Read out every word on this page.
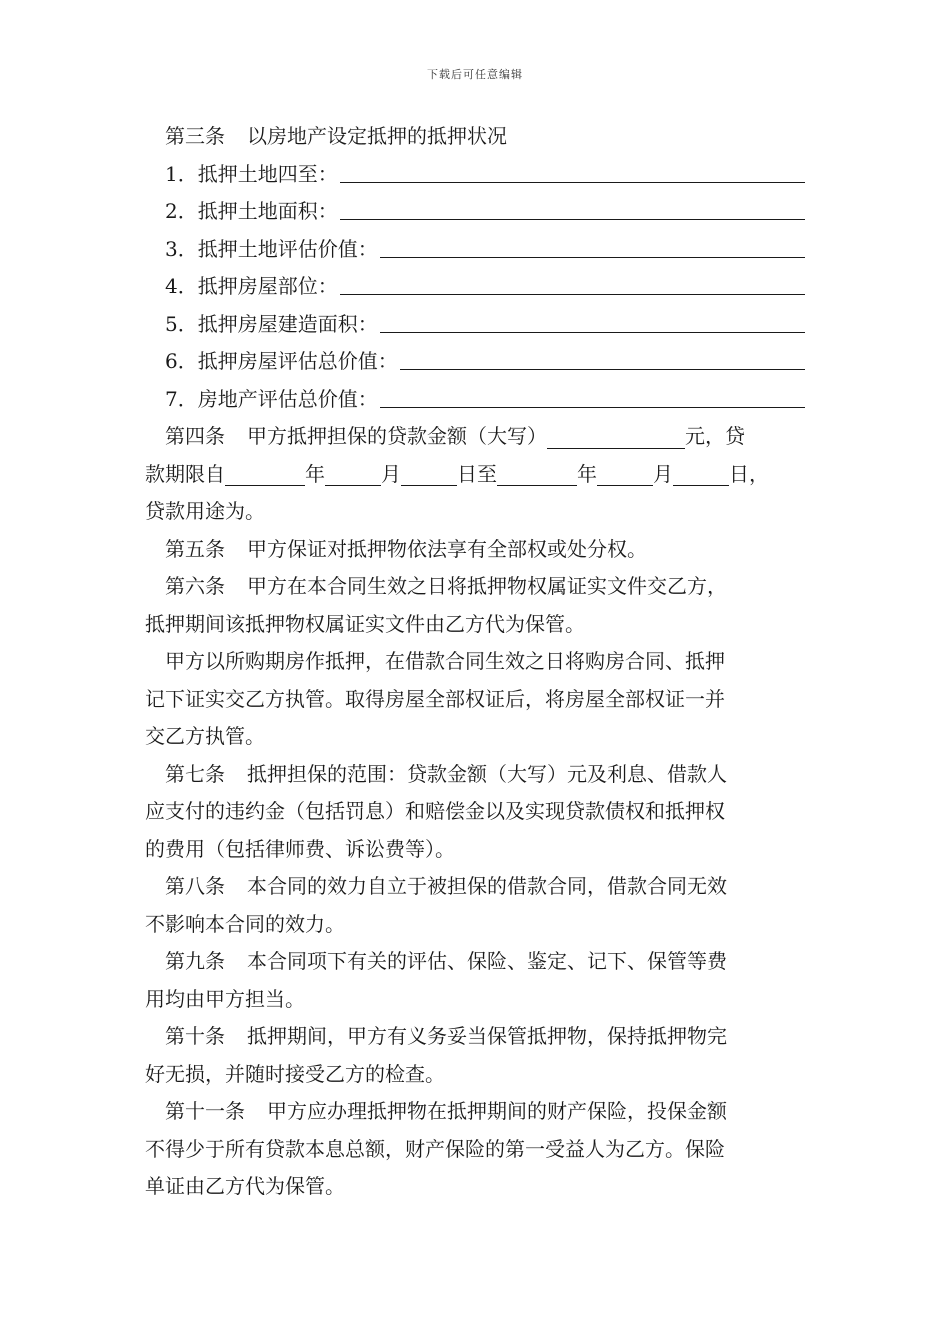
下载后可任意编辑
第三条 以房地产设定抵押的抵押状况
1．抵押土地四至：
2．抵押土地面积：
3．抵押土地评估价值：
4．抵押房屋部位：
5．抵押房屋建造面积：
6．抵押房屋评估总价值：
7．房地产评估总价值：
第四条 甲方抵押担保的贷款金额（大写）	元，贷
款期限自	年	月	日至	年	月	日，
贷款用途为。
第五条 甲方保证对抵押物依法享有全部权或处分权。
第六条 甲方在本合同生效之日将抵押物权属证实文件交乙方，
抵押期间该抵押物权属证实文件由乙方代为保管。
甲方以所购期房作抵押，在借款合同生效之日将购房合同、抵押
记下证实交乙方执管。取得房屋全部权证后，将房屋全部权证一并
交乙方执管。
第七条 抵押担保的范围：贷款金额（大写）元及利息、借款人
应支付的违约金（包括罚息）和赔偿金以及实现贷款债权和抵押权
的费用（包括律师费、诉讼费等）。
第八条 本合同的效力自立于被担保的借款合同，借款合同无效
不影响本合同的效力。
第九条 本合同项下有关的评估、保险、鉴定、记下、保管等费
用均由甲方担当。
第十条 抵押期间，甲方有义务妥当保管抵押物，保持抵押物完
好无损，并随时接受乙方的检查。
第十一条 甲方应办理抵押物在抵押期间的财产保险，投保金额
不得少于所有贷款本息总额，财产保险的第一受益人为乙方。保险
单证由乙方代为保管。
